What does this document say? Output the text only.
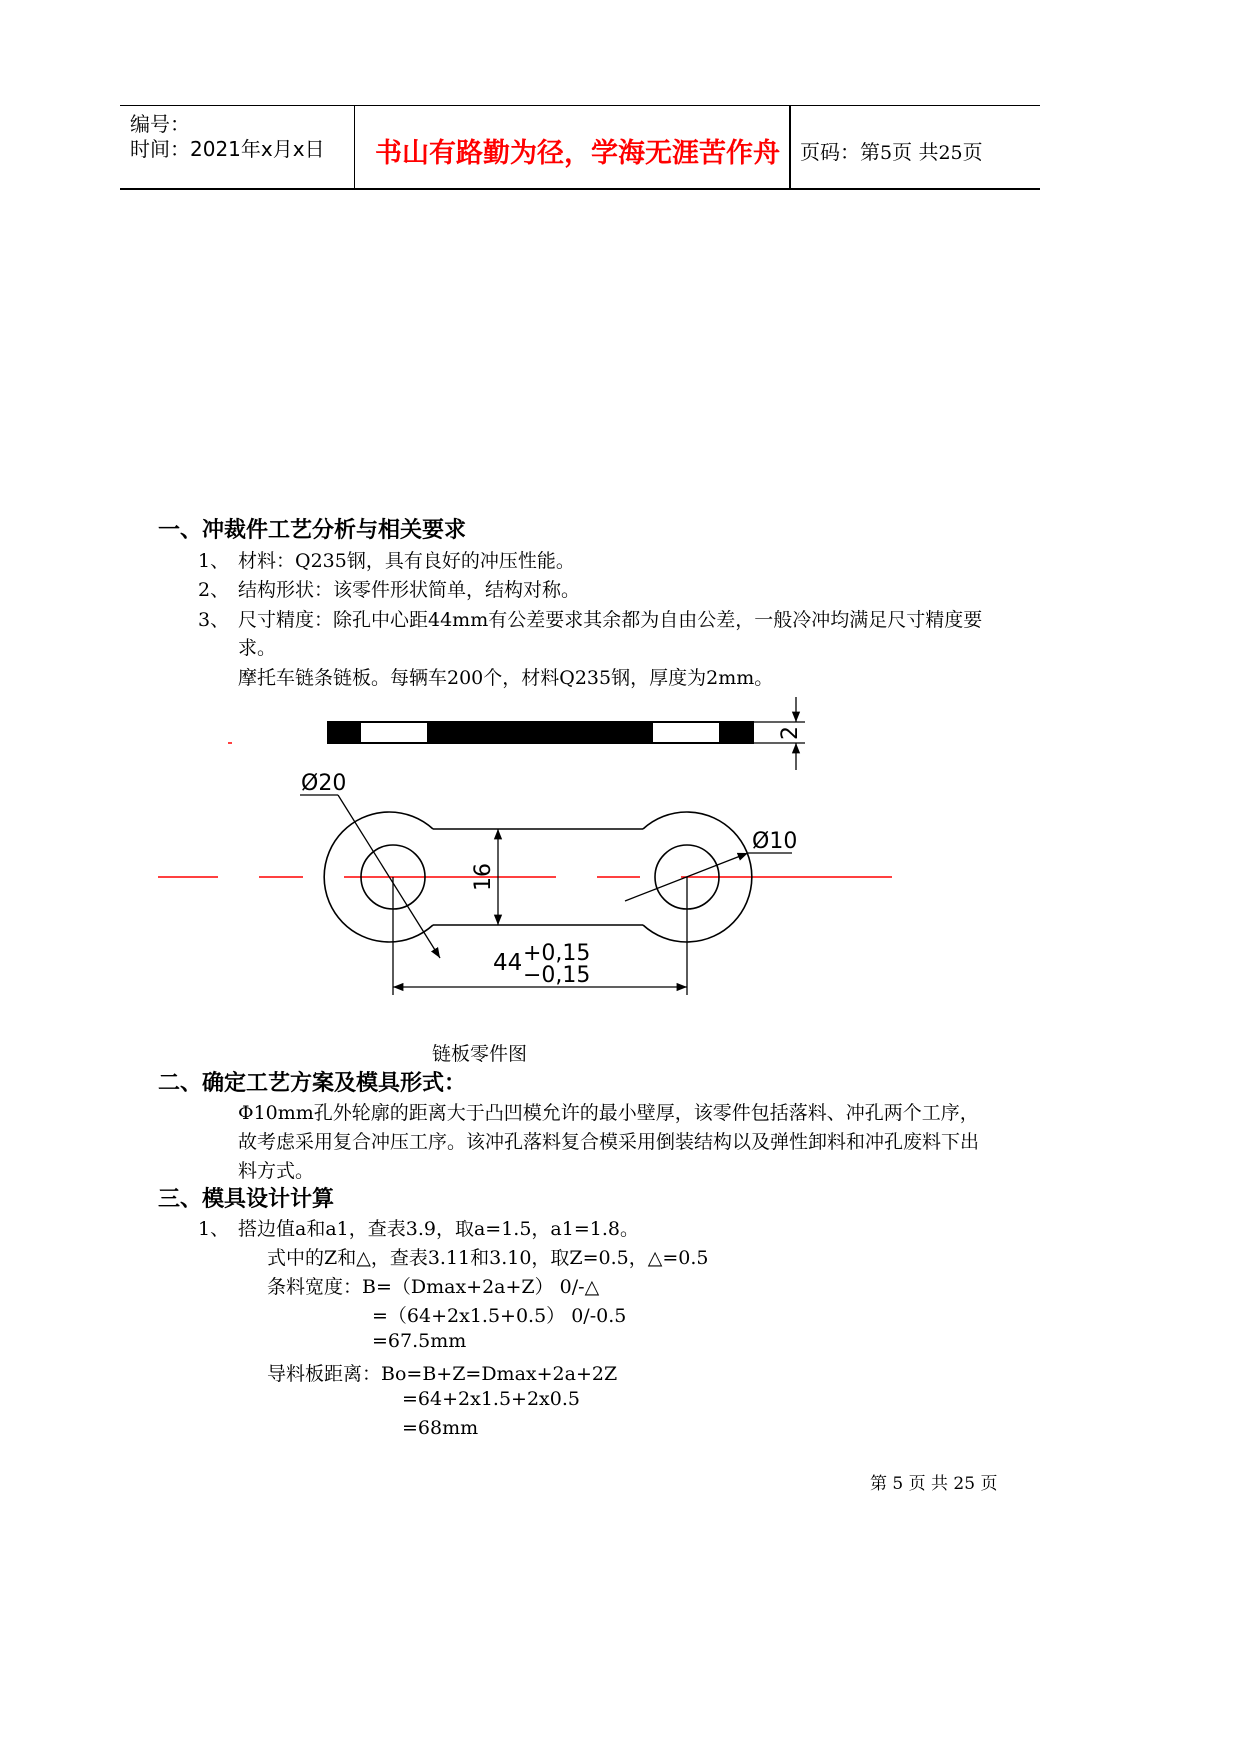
编号：
时间：2021年x月x日 书山有路勤为径，学海无涯苦作舟 页码：第5页 共25页
一、冲裁件工艺分析与相关要求
1、 材料：Q235钢，具有良好的冲压性能。
2、 结构形状：该零件形状简单，结构对称。
3、 尺寸精度：除孔中心距44mm有公差要求其余都为自由公差，一般冷冲均满足尺寸精度要
求。
摩托车链条链板。每辆车200个，材料Q235钢，厚度为2mm。
2
Ø20
Ø10
16
44 +0,15
−0,15
链板零件图
二、确定工艺方案及模具形式：
Φ10mm孔外轮廓的距离大于凸凹模允许的最小壁厚，该零件包括落料、冲孔两个工序，
故考虑采用复合冲压工序。该冲孔落料复合模采用倒装结构以及弹性卸料和冲孔废料下出
料方式。
三、模具设计计算
1、 搭边值a和a1，查表3.9，取a=1.5，a1=1.8。
式中的Z和△，查表3.11和3.10，取Z=0.5，△=0.5
条料宽度：B=（Dmax+2a+Z） 0/-△
=（64+2x1.5+0.5） 0/-0.5
=67.5mm
导料板距离：Bo=B+Z=Dmax+2a+2Z
=64+2x1.5+2x0.5
=68mm
第 5 页 共 25 页
